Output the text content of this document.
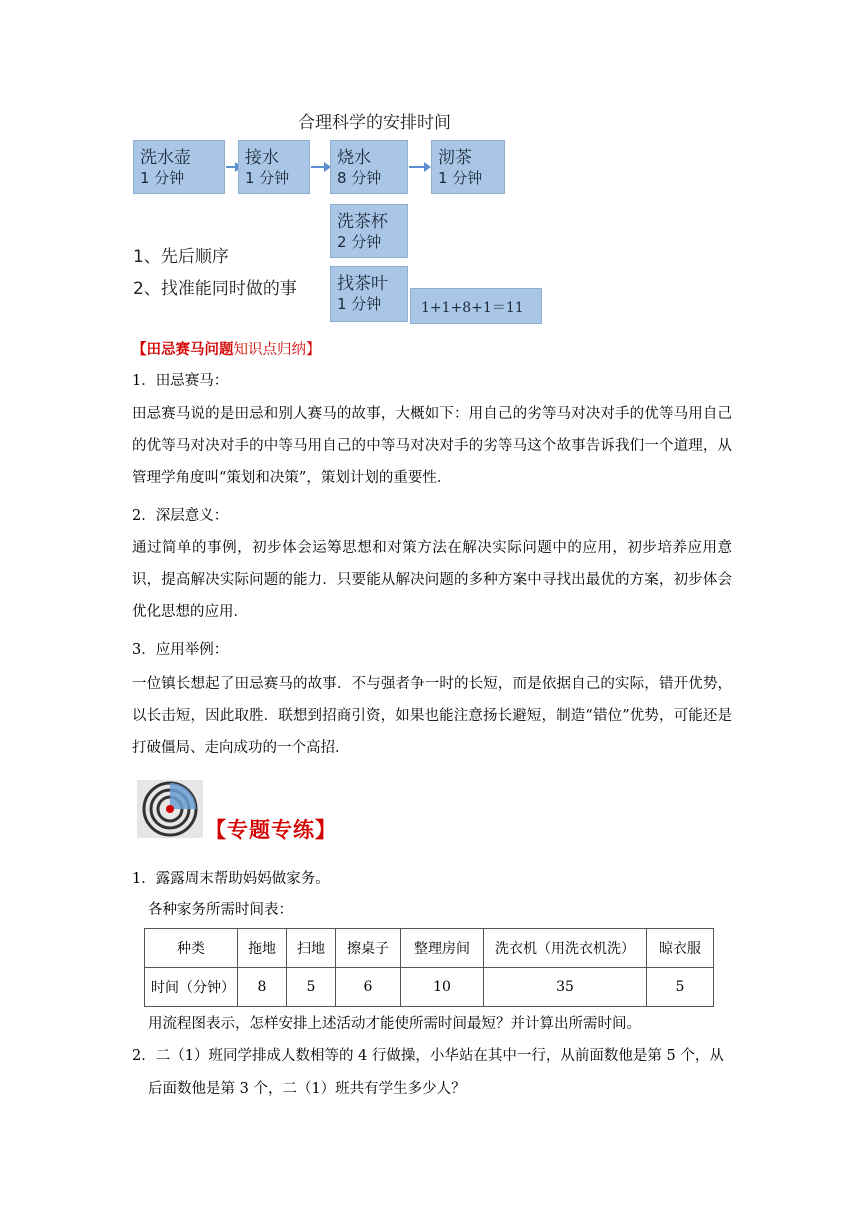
合理科学的安排时间
洗水壶
1 分钟
接水
1 分钟
烧水
8 分钟
沏茶
1 分钟
洗茶杯
2 分钟
找茶叶
1 分钟
1、先后顺序
2、找准能同时做的事
1+1+8+1＝11
【田忌赛马问题知识点归纳】
1．田忌赛马：
田忌赛马说的是田忌和别人赛马的故事，大概如下：用自己的劣等马对决对手的优等马用自己的优等马对决对手的中等马用自己的中等马对决对手的劣等马这个故事告诉我们一个道理，从管理学角度叫“策划和决策”，策划计划的重要性．
2．深层意义：
通过简单的事例，初步体会运筹思想和对策方法在解决实际问题中的应用，初步培养应用意识，提高解决实际问题的能力．只要能从解决问题的多种方案中寻找出最优的方案，初步体会优化思想的应用．
3．应用举例：
一位镇长想起了田忌赛马的故事．不与强者争一时的长短，而是依据自己的实际，错开优势，以长击短，因此取胜．联想到招商引资，如果也能注意扬长避短，制造“错位”优势，可能还是打破僵局、走向成功的一个高招．
【专题专练】
1．露露周末帮助妈妈做家务。
各种家务所需时间表：
种类	拖地	扫地	擦桌子	整理房间	洗衣机（用洗衣机洗）	晾衣服
时间（分钟）	8	5	6	10	35	5
用流程图表示，怎样安排上述活动才能使所需时间最短？并计算出所需时间。
2．二（1）班同学排成人数相等的 4 行做操，小华站在其中一行，从前面数他是第 5 个，从
后面数他是第 3 个，二（1）班共有学生多少人？
